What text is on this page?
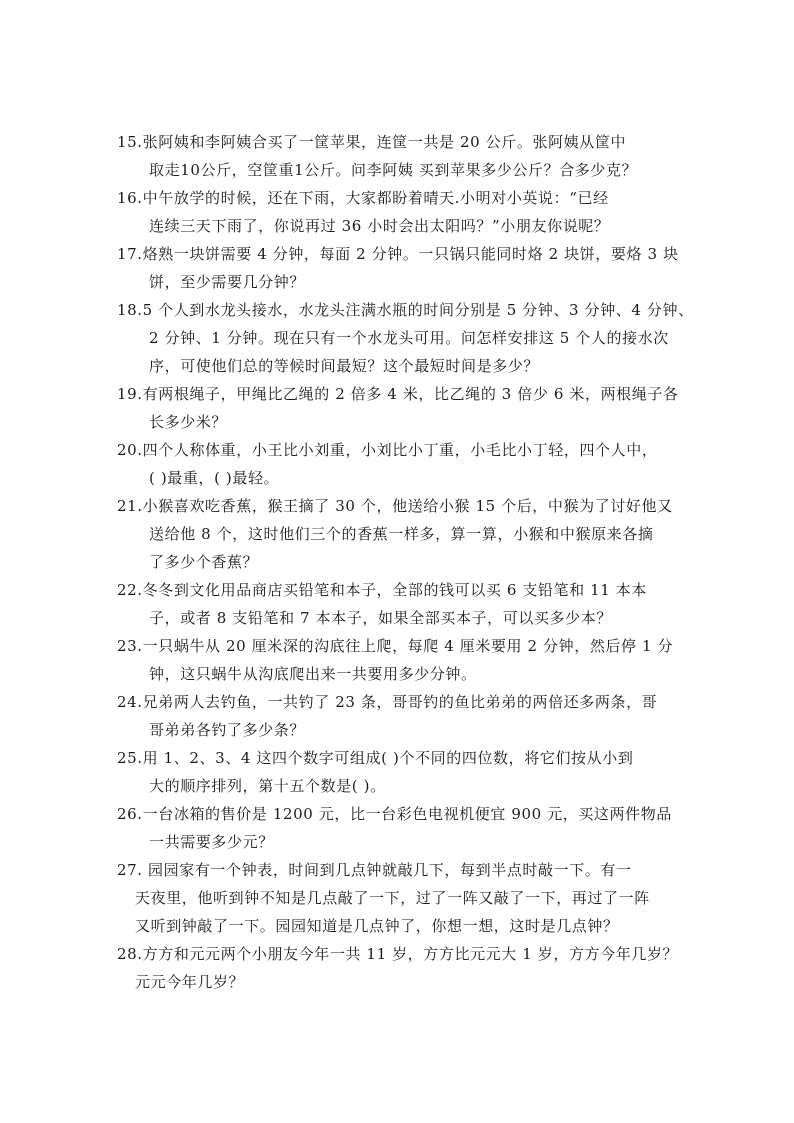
15.张阿姨和李阿姨合买了一筐苹果，连筐一共是 20 公斤。张阿姨从筐中
取走10公斤，空筐重1公斤。问李阿姨 买到苹果多少公斤？合多少克？
16.中午放学的时候，还在下雨，大家都盼着晴天.小明对小英说：“已经
连续三天下雨了，你说再过 36 小时会出太阳吗？”小朋友你说呢？
17.烙熟一块饼需要 4 分钟，每面 2 分钟。一只锅只能同时烙 2 块饼，要烙 3 块
饼，至少需要几分钟？
18.5 个人到水龙头接水，水龙头注满水瓶的时间分别是 5 分钟、3 分钟、4 分钟、
2 分钟、1 分钟。现在只有一个水龙头可用。问怎样安排这 5 个人的接水次
序，可使他们总的等候时间最短？这个最短时间是多少？
19.有两根绳子，甲绳比乙绳的 2 倍多 4 米，比乙绳的 3 倍少 6 米，两根绳子各
长多少米？
20.四个人称体重，小王比小刘重，小刘比小丁重，小毛比小丁轻，四个人中，
( )最重，( )最轻。
21.小猴喜欢吃香蕉，猴王摘了 30 个，他送给小猴 15 个后，中猴为了讨好他又
送给他 8 个，这时他们三个的香蕉一样多，算一算，小猴和中猴原来各摘
了多少个香蕉？
22.冬冬到文化用品商店买铅笔和本子，全部的钱可以买 6 支铅笔和 11 本本
子，或者 8 支铅笔和 7 本本子，如果全部买本子，可以买多少本？
23.一只蜗牛从 20 厘米深的沟底往上爬，每爬 4 厘米要用 2 分钟，然后停 1 分
钟，这只蜗牛从沟底爬出来一共要用多少分钟。
24.兄弟两人去钓鱼，一共钓了 23 条，哥哥钓的鱼比弟弟的两倍还多两条，哥
哥弟弟各钓了多少条？
25.用 1、2、3、4 这四个数字可组成( )个不同的四位数，将它们按从小到
大的顺序排列，第十五个数是( )。
26.一台冰箱的售价是 1200 元，比一台彩色电视机便宜 900 元，买这两件物品
一共需要多少元？
27. 园园家有一个钟表，时间到几点钟就敲几下，每到半点时敲一下。有一
天夜里，他听到钟不知是几点敲了一下，过了一阵又敲了一下，再过了一阵
又听到钟敲了一下。园园知道是几点钟了，你想一想，这时是几点钟？
28.方方和元元两个小朋友今年一共 11 岁，方方比元元大 1 岁，方方今年几岁？
元元今年几岁？
